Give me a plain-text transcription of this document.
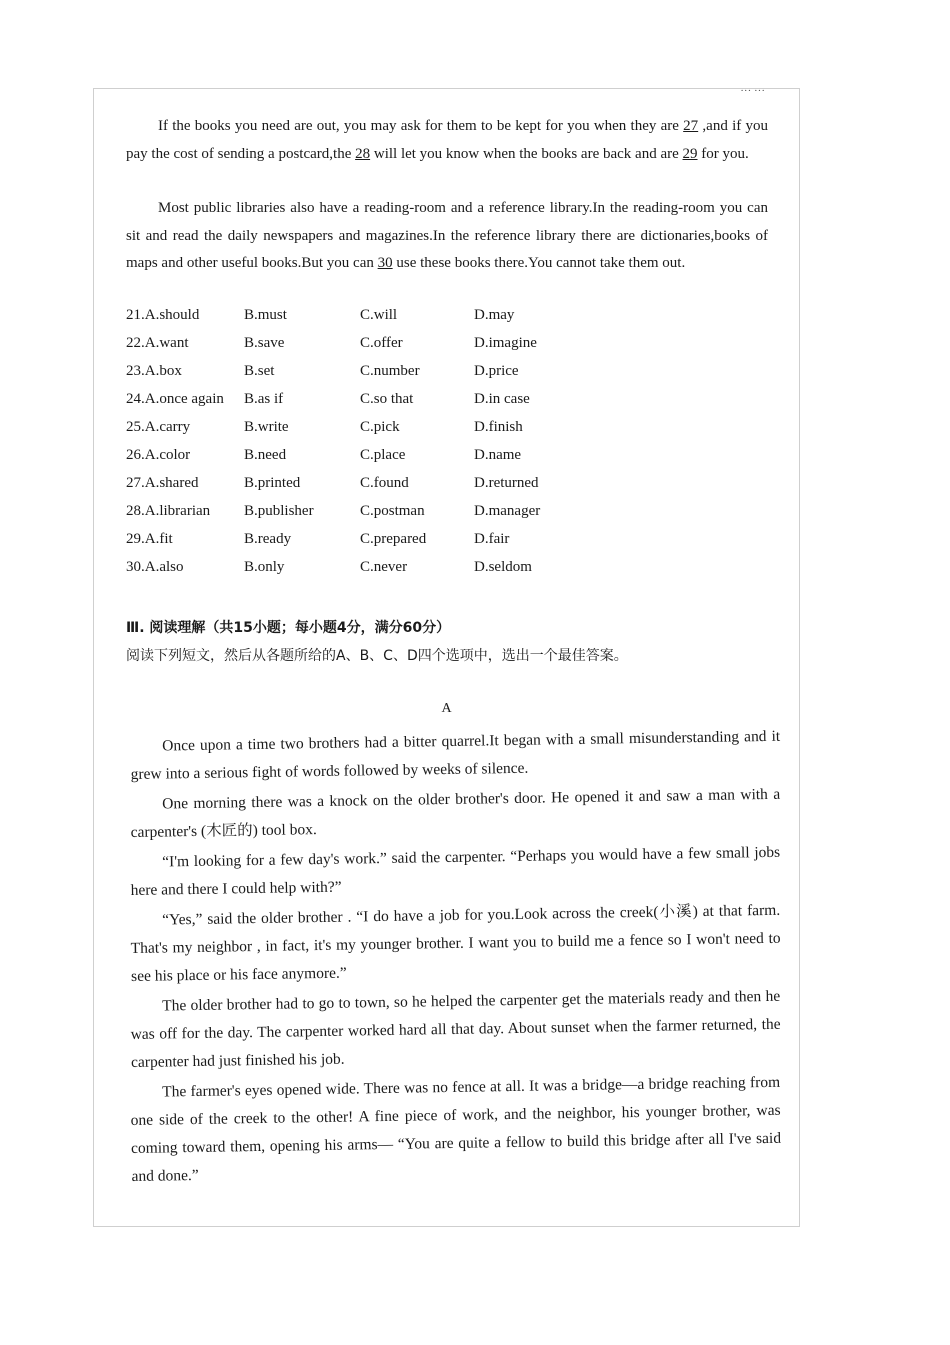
··· ···

If the books you need are out, you may ask for them to be kept for you when they are 27 ,and if you pay the cost of sending a postcard,the 28 will let you know when the books are back and are 29 for you.

Most public libraries also have a reading-room and a reference library.In the reading-room you can sit and read the daily newspapers and magazines.In the reference library there are dictionaries,books of maps and other useful books.But you can 30 use these books there.You cannot take them out.

21.A.should	B.must	C.will	D.may
22.A.want	B.save	C.offer	D.imagine
23.A.box	B.set	C.number	D.price
24.A.once again B.as if	C.so that	D.in case
25.A.carry	B.write	C.pick	D.finish
26.A.color	B.need	C.place	D.name
27.A.shared	B.printed	C.found	D.returned
28.A.librarian B.publisher	C.postman	D.manager
29.A.fit	B.ready	C.prepared	D.fair
30.A.also	B.only	C.never	D.seldom
Ⅲ. 阅读理解（共15小题；每小题4分，满分60分）
阅读下列短文，然后从各题所给的A、B、C、D四个选项中，选出一个最佳答案。
A

Once upon a time two brothers had a bitter quarrel.It began with a small misunderstanding and it grew into a serious fight of words followed by weeks of silence.

One morning there was a knock on the older brother's door. He opened it and saw a man with a carpenter's (木匠的) tool box.

“I'm looking for a few day's work.” said the carpenter. “Perhaps you would have a few small jobs here and there I could help with?”

“Yes,” said the older brother . “I do have a job for you.Look across the creek(小溪) at that farm. That's my neighbor , in fact, it's my younger brother. I want you to build me a fence so I won't need to see his place or his face anymore.”

The older brother had to go to town, so he helped the carpenter get the materials ready and then he was off for the day. The carpenter worked hard all that day. About sunset when the farmer returned, the carpenter had just finished his job.

The farmer's eyes opened wide. There was no fence at all. It was a bridge—a bridge reaching from one side of the creek to the other! A fine piece of work, and the neighbor, his younger brother, was coming toward them, opening his arms— “You are quite a fellow to build this bridge after all I've said and done.”
